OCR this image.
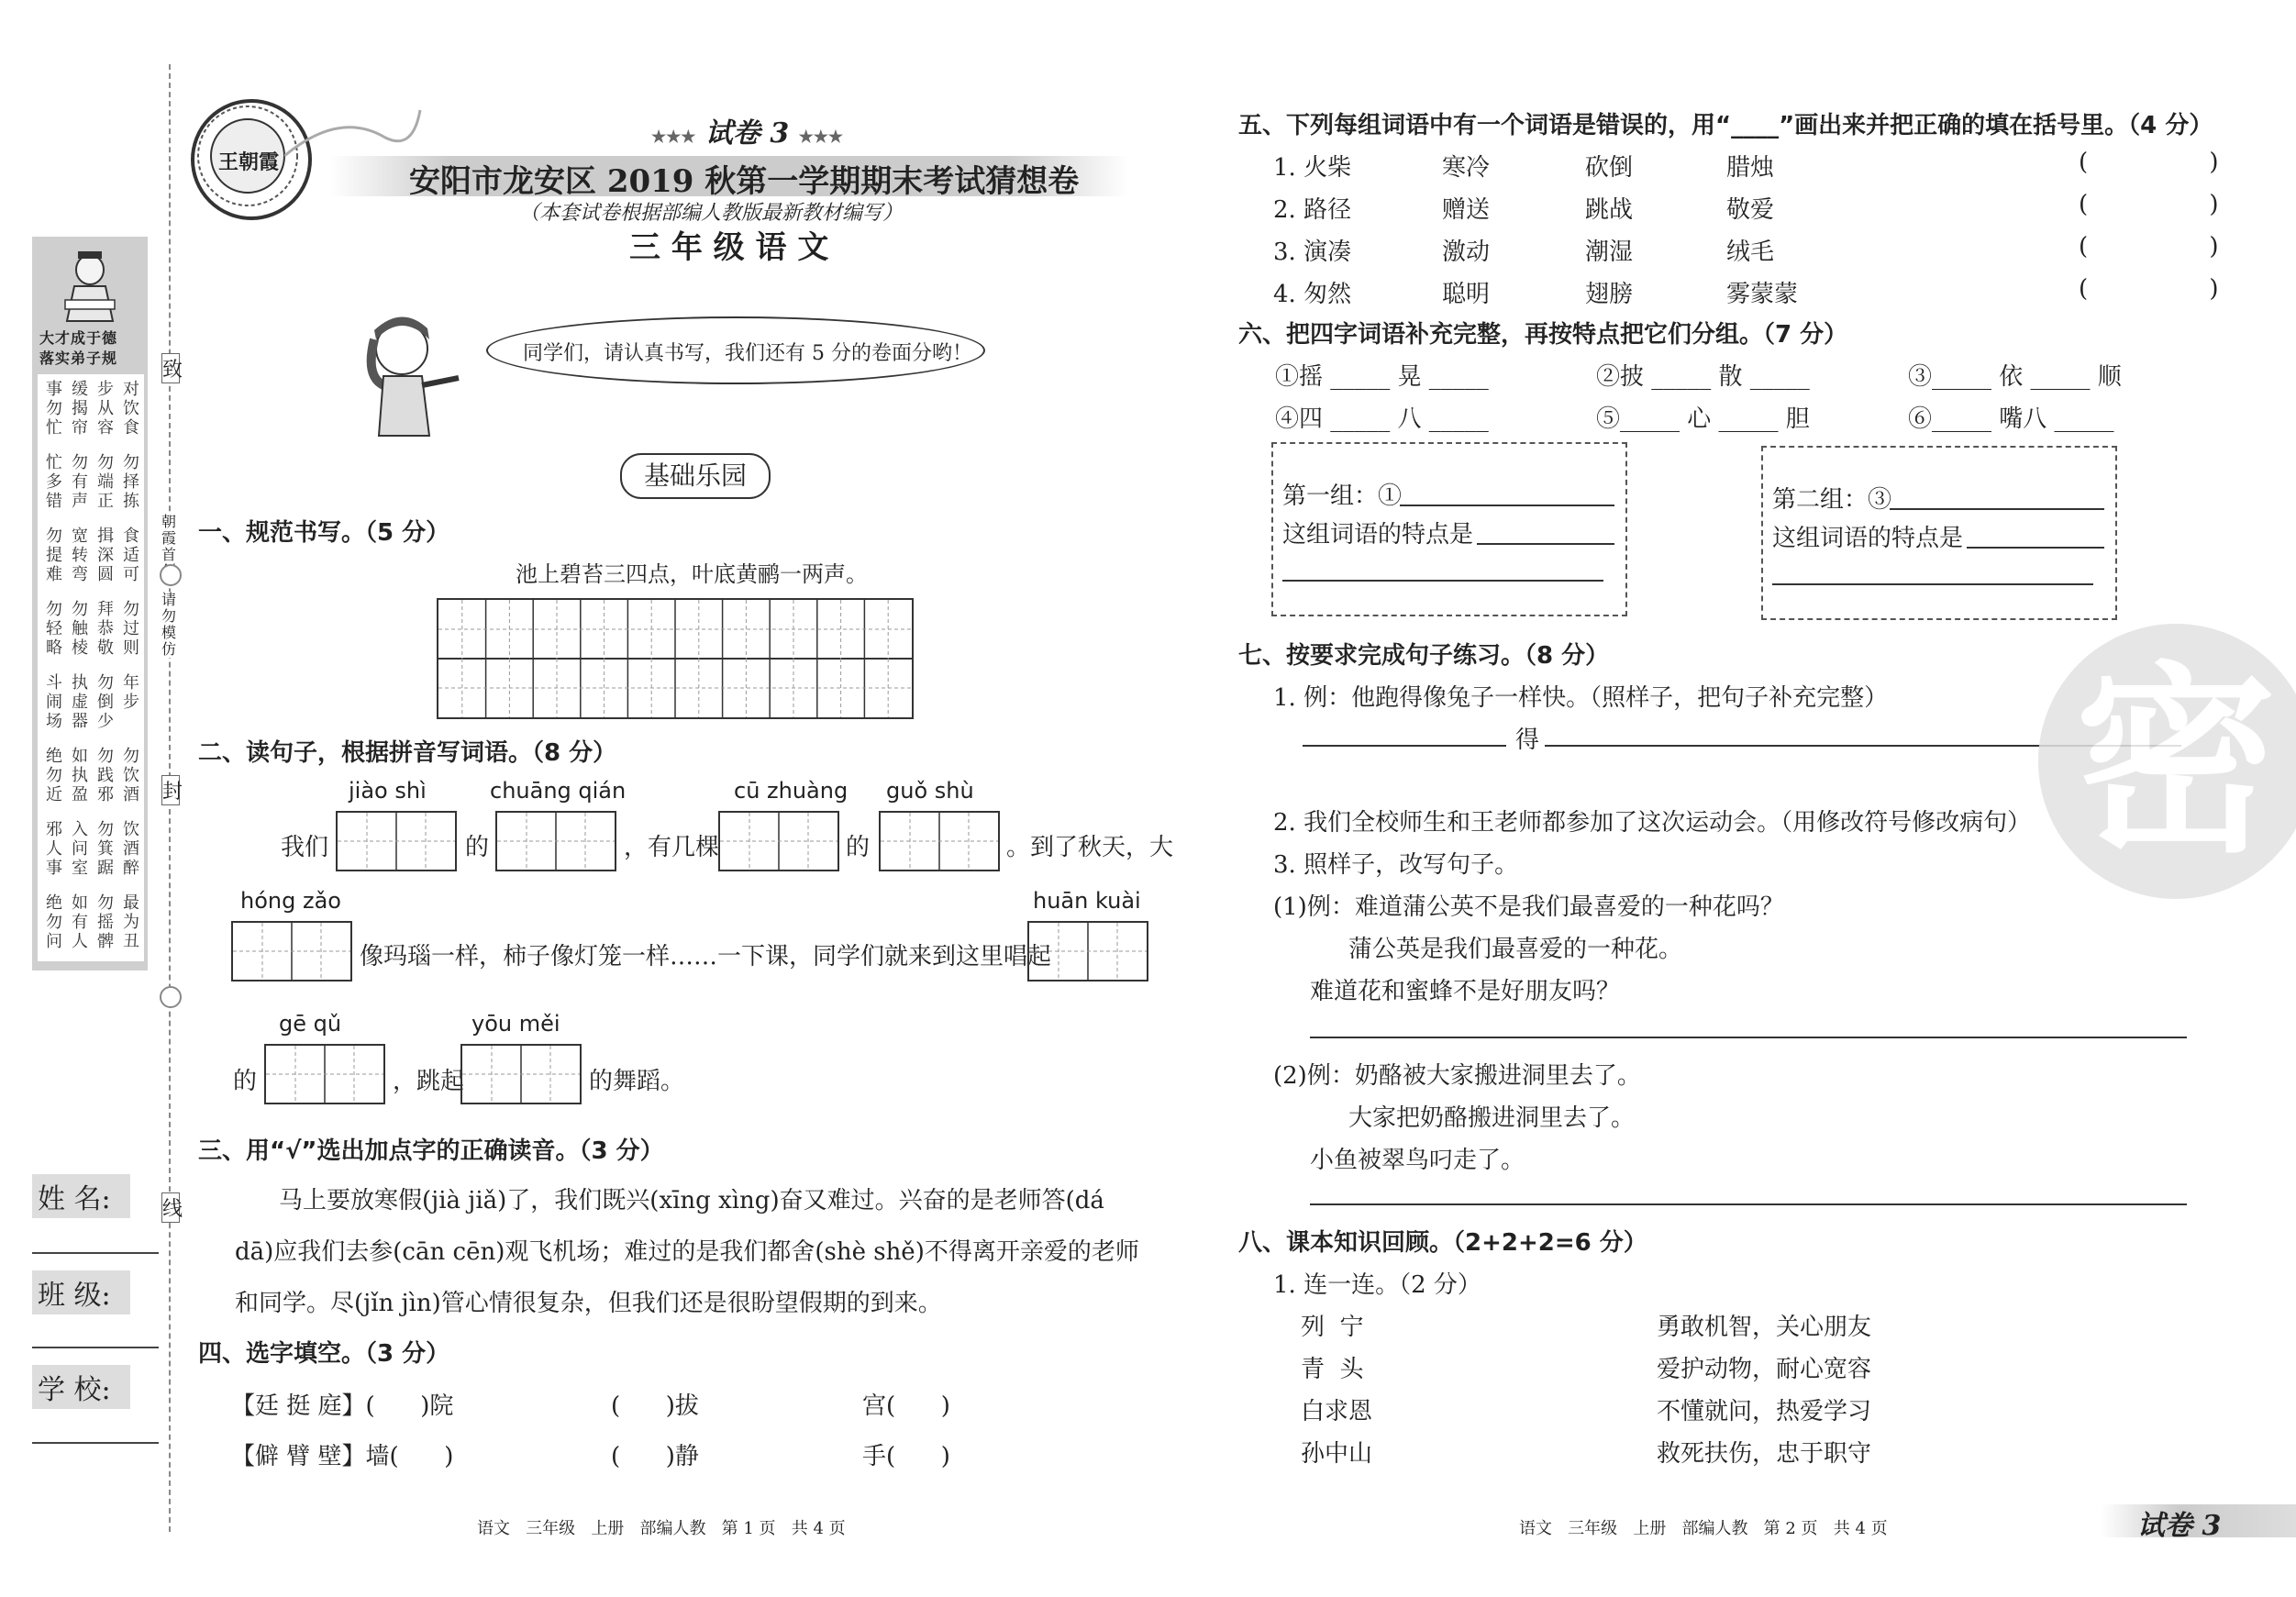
致
朝霞首
请勿模仿
封
线
大才成于德
落实弟子规
事勿忙
缓揭帘
步从容
对饮食
忙多错
勿有声
勿端正
勿择拣
勿提难
宽转弯
揖深圆
食适可
勿轻略
勿触棱
拜恭敬
勿过则
斗闹场
执虚器
勿倒少
年步
绝勿近
如执盈
勿践邪
勿饮酒
邪人事
入问室
勿箕踞
饮酒醉
绝勿问
如有人
勿摇髀
最为丑
姓 名:
班 级:
学 校:
王朝霞
★★★ 试卷 3 ★★★
安阳市龙安区 2019 秋第一学期期末考试猜想卷
（本套试卷根据部编人教版最新教材编写）
三 年 级 语 文
同学们，请认真书写，我们还有 5 分的卷面分哟！
基础乐园
一、规范书写。（5 分）
池上碧苔三四点，叶底黄鹂一两声。
二、读句子，根据拼音写词语。（8 分）
jiào shì	chuāng qián	cū zhuàng guǒ shù
我们	的	，有几棵	的	。到了秋天，大
hóng zǎo	huān kuài
像玛瑙一样，柿子像灯笼一样……一下课，同学们就来到这里唱起
gē qǔ	yōu měi
的	，跳起	的舞蹈。
三、用“√”选出加点字的正确读音。（3 分）
马上要放寒假(jià jiǎ)了，我们既兴(xīng xìng)奋又难过。兴奋的是老师答(dá
dā)应我们去参(cān cēn)观飞机场；难过的是我们都舍(shè shě)不得离开亲爱的老师
和同学。尽(jǐn jìn)管心情很复杂，但我们还是很盼望假期的到来。
四、选字填空。（3 分）
【廷 挺 庭】(      )院	(      )拔	宫(      )
【僻 臂 壁】墙(      )	(      )静	手(      )
语文   三年级   上册   部编人教   第 1 页   共 4 页
五、下列每组词语中有一个词语是错误的，用“____”画出来并把正确的填在括号里。（4 分）
1. 火柴	寒冷	砍倒	腊烛	(                )
2. 路径	赠送	跳战	敬爱	(                )
3. 演凑	激动	潮湿	绒毛	(                )
4. 匆然	聪明	翅膀	雾蒙蒙	(                )
六、把四字词语补充完整，再按特点把它们分组。（7 分）
①摇 _____ 晃 _____	②披 _____ 散 _____	③_____ 依 _____ 顺
④四 _____ 八 _____	⑤_____ 心 _____ 胆	⑥_____ 嘴八 _____
第一组：①
这组词语的特点是
第二组：③
这组词语的特点是
七、按要求完成句子练习。（8 分）
1. 例：他跑得像兔子一样快。（照样子，把句子补充完整）
得
2. 我们全校师生和王老师都参加了这次运动会。（用修改符号修改病句）
3. 照样子，改写句子。
(1)例：难道蒲公英不是我们最喜爱的一种花吗？
蒲公英是我们最喜爱的一种花。
难道花和蜜蜂不是好朋友吗？
(2)例：奶酪被大家搬进洞里去了。
大家把奶酪搬进洞里去了。
小鱼被翠鸟叼走了。
八、课本知识回顾。（2+2+2=6 分）
1. 连一连。（2 分）
列  宁
青  头
白求恩
孙中山
勇敢机智，关心朋友
爱护动物，耐心宽容
不懂就问，热爱学习
救死扶伤，忠于职守
语文   三年级   上册   部编人教   第 2 页   共 4 页	试卷 3
密
